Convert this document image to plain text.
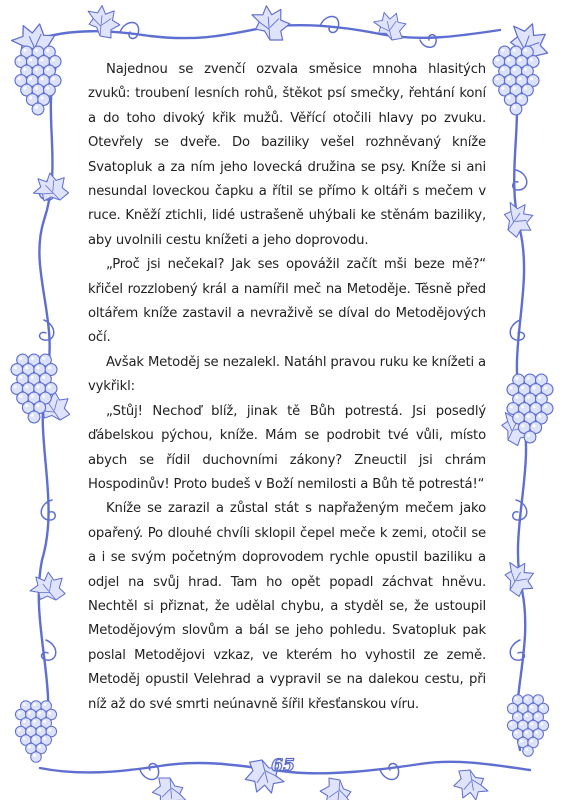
Najednou se zvenčí ozvala směsice mnoha hlasitých zvuků: troubení lesních rohů, štěkot psí smečky, řehtání koní a do toho divoký křik mužů. Věřící otočili hlavy po zvuku. Otevřely se dveře. Do baziliky vešel rozhněvaný kníže Svatopluk a za ním jeho lovecká družina se psy. Kníže si ani nesundal loveckou čapku a řítil se přímo k oltáři s mečem v ruce. Kněží ztichli, lidé ustrašeně uhýbali ke stěnám baziliky, aby uvolnili cestu knížeti a jeho doprovodu.

„Proč jsi nečekal? Jak ses opovážil začít mši beze mě?“ křičel rozzlobený král a namířil meč na Metoděje. Těsně před oltářem kníže zastavil a nevraživě se díval do Metodějových očí.

Avšak Metoděj se nezalekl. Natáhl pravou ruku ke knížeti a vykřikl:

„Stůj! Nechoď blíž, jinak tě Bůh potrestá. Jsi posedlý ďábelskou pýchou, kníže. Mám se podrobit tvé vůli, místo abych se řídil duchovními zákony? Zneuctil jsi chrám Hospodinův! Proto budeš v Boží nemilosti a Bůh tě potrestá!“

Kníže se zarazil a zůstal stát s napřaženým mečem jako opařený. Po dlouhé chvíli sklopil čepel meče k zemi, otočil se a i se svým početným doprovodem rychle opustil baziliku a odjel na svůj hrad. Tam ho opět popadl záchvat hněvu. Nechtěl si přiznat, že udělal chybu, a styděl se, že ustoupil Metodějovým slovům a bál se jeho pohledu. Svatopluk pak poslal Metodějovi vzkaz, ve kterém ho vyhostil ze země. Metoděj opustil Velehrad a vypravil se na dalekou cestu, při níž až do své smrti neúnavně šířil křesťanskou víru.

65
